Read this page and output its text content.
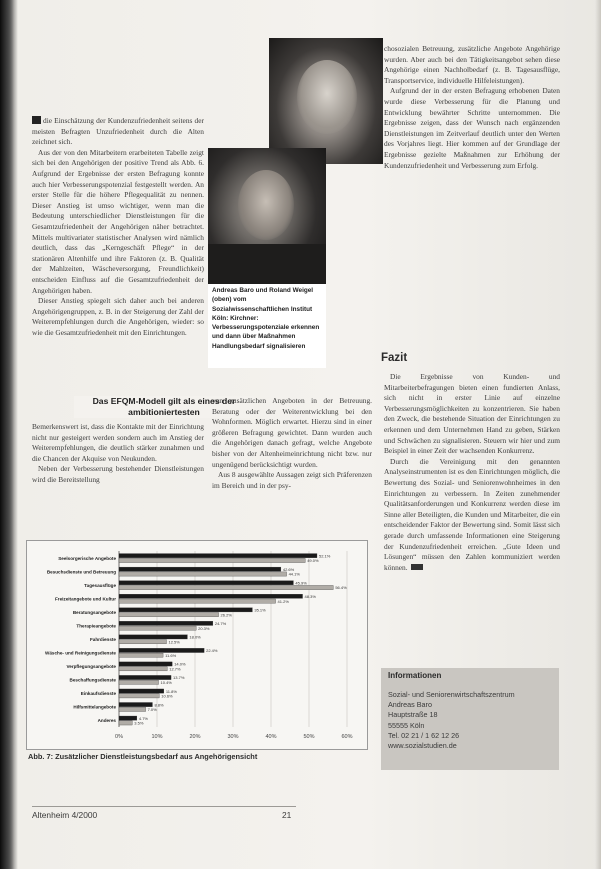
die Einschätzung der Kundenzufriedenheit seitens der meisten Befragten Unzufriedenheit durch die Alten zeichnet sich.

Aus der von den Mitarbeitern erarbeiteten Tabelle zeigt sich bei den Angehörigen der positive Trend als Abb. 6. Aufgrund der Ergebnisse der ersten Befragung konnte auch hier Verbesserungspotenzial festgestellt werden. An erster Stelle für die höhere Pflegequalität zu nennen. Dieser Anstieg ist umso wichtiger, wenn man die Bedeutung unterschiedlicher Dienstleistungen für die Gesamtzufriedenheit der Angehörigen näher betrachtet. Mittels multivariater statistischer Analysen wird nämlich deutlich, dass das „Kerngeschäft Pflege“ in der stationären Altenhilfe und ihre Faktoren (z. B. Qualität der Mahlzeiten, Wäscheversorgung, Freundlichkeit) entscheiden Einfluss auf die Gesamtzufriedenheit der Angehörigen haben.

Dieser Anstieg spiegelt sich daher auch bei anderen Angehörigengruppen, z. B. in der Steigerung der Zahl der Weiterempfehlungen durch die Angehörigen, wieder: so wie die Gesamtzufriedenheit mit den Einrichtungen.

Bemerkenswert ist, dass die Kontakte mit der Einrichtung nicht nur gesteigert werden sondern auch im Anstieg der Weiterempfehlungen, die deutlich stärker zunahmen und die Chancen der Akquise von Neukunden.

Neben der Verbesserung bestehender Dienstleistungen wird die Bereitstellung

Andreas Baro und Roland Weigel (oben) vom Sozialwissenschaftlichen Institut Köln: Kirchner: Verbesserungspotenziale erkennen und dann über Maßnahmen Handlungsbedarf signalisieren
Das EFQM-Modell gilt als eines der ambitioniertesten

von zusätzlichen Angeboten in der Betreuung. Beratung oder der Weiterentwicklung bei den Wohnformen. Möglich erwartet. Hierzu sind in einer größeren Befragung gewichtet. Dann wurden auch die Angehörigen danach gefragt, welche Angebote bisher von der Altenheimeinrichtung nicht bzw. nur ungenügend berücksichtigt wurden.

Aus 8 ausgewählte Aussagen zeigt sich Präferenzen im Bereich und in der psy-

chosozialen Betreuung, zusätzliche Angebote Angehörige wurden. Aber auch bei den Tätigkeitsangebot sehen diese Angehörige einen Nachholbedarf (z. B. Tagesausflüge, Transportservice, individuelle Hilfeleistungen).

Aufgrund der in der ersten Befragung erhobenen Daten wurde diese Verbesserung für die Planung und Entwicklung bewährter Schritte unternommen. Die Ergebnisse zeigen, dass der Wunsch nach ergänzenden Dienstleistungen im Zeitverlauf deutlich unter den Werten des Vorjahres liegt. Hier kommen auf der Grundlage der Ergebnisse gezielte Maßnahmen zur Erhöhung der Kundenzufriedenheit und Verbesserung zum Erfolg.

Fazit

Die Ergebnisse von Kunden- und Mitarbeiterbefragungen bieten einen fundierten Anlass, sich nicht in erster Linie auf einzelne Verbesserungsmöglichkeiten zu konzentrieren. Sie haben den Zweck, die bestehende Situation der Einrichtungen zu erkennen und dem Unternehmen Hand zu geben, Stärken und Schwächen zu signalisieren. Steuern wir hier und zum Beispiel in einer Zeit der wachsenden Konkurrenz.

Durch die Vereinigung mit den genannten Analyseinstrumenten ist es den Einrichtungen möglich, die Bewertung des Sozial- und Seniorenwohnheimes in den Einrichtungen zu verbessern. In Zeiten zunehmender Qualitätsanforderungen und Konkurrenz werden diese im Sinne aller Beteiligten, die Kunden und Mitarbeiter, die ein entscheidender Faktor der Bewertung sind. Somit lässt sich gerade durch umfassende Informationen eine Steigerung der Kundenzufriedenheit erreichen. „Gute Ideen und Lösungen“ müssen den Zahlen kommuniziert werden können.

0%	10%	20%	30%	40%	50%	60%
Seelsorgerische Angebote	52.1%
49.0%
Besuchsdienste und Betreuung	42.6%
44.1%
Tagesausflüge	45.9%
56.4%
Freizeitangebote und Kultur	48.3%
41.2%
Beratungsangebote	35.1%
26.2%
Therapieangebote	24.7%
20.3%
Fahrdienste	18.0%
12.5%
Wäsche- und Reinigungsdienste	22.4%
11.6%
Verpflegungsangebote	14.0%
12.7%
Beschaffungsdienste	13.7%
10.4%
Einkaufsdienste	11.8%
10.6%
Hilfsmittelangebote	8.8%
7.0%
Anderes	4.7%
3.5%
Abb. 7: Zusätzlicher Dienstleistungsbedarf aus Angehörigensicht
Informationen
Sozial- und Seniorenwirtschaftszentrum
Andreas Baro
Hauptstraße 18
55555 Köln
Tel. 02 21 / 1 62 12 26
www.sozialstudien.de
Altenheim 4/2000	21
